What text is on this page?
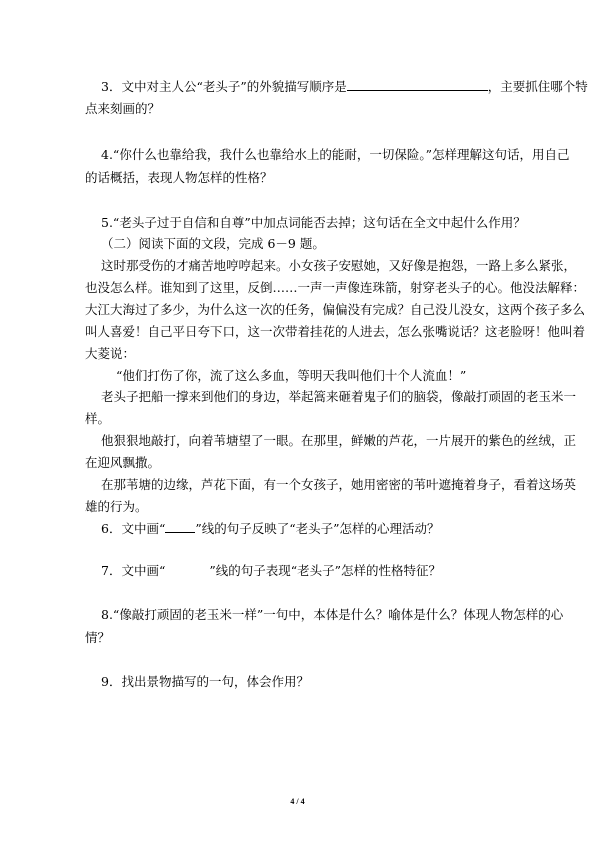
3．文中对主人公“老头子”的外貌描写顺序是	，主要抓住哪个特
点来刻画的？
4.“你什么也靠给我，我什么也靠给水上的能耐，一切保险。”怎样理解这句话，用自己
的话概括，表现人物怎样的性格？
5.“老头子过于自信和自尊”中加点词能否去掉；这句话在全文中起什么作用？
（二）阅读下面的文段，完成 6－9 题。
这时那受伤的才痛苦地哼哼起来。小女孩子安慰她，又好像是抱怨，一路上多么紧张，
也没怎么样。谁知到了这里，反倒……一声一声像连珠箭，射穿老头子的心。他没法解释：
大江大海过了多少，为什么这一次的任务，偏偏没有完成？自己没儿没女，这两个孩子多么
叫人喜爱！自己平日夸下口，这一次带着挂花的人进去，怎么张嘴说话？这老脸呀！他叫着
大菱说：
“他们打伤了你，流了这么多血，等明天我叫他们十个人流血！”
老头子把船一撑来到他们的身边，举起篙来砸着鬼子们的脑袋，像敲打顽固的老玉米一
样。
他狠狠地敲打，向着苇塘望了一眼。在那里，鲜嫩的芦花，一片展开的紫色的丝绒，正
在迎风飘撒。
在那苇塘的边缘，芦花下面，有一个女孩子，她用密密的苇叶遮掩着身子，看着这场英
雄的行为。
6．文中画“ ”线的句子反映了“老头子”怎样的心理活动？
7．文中画“	”线的句子表现“老头子”怎样的性格特征？
8.“像敲打顽固的老玉米一样”一句中，本体是什么？喻体是什么？体现人物怎样的心
情？
9．找出景物描写的一句，体会作用？
4 / 4
